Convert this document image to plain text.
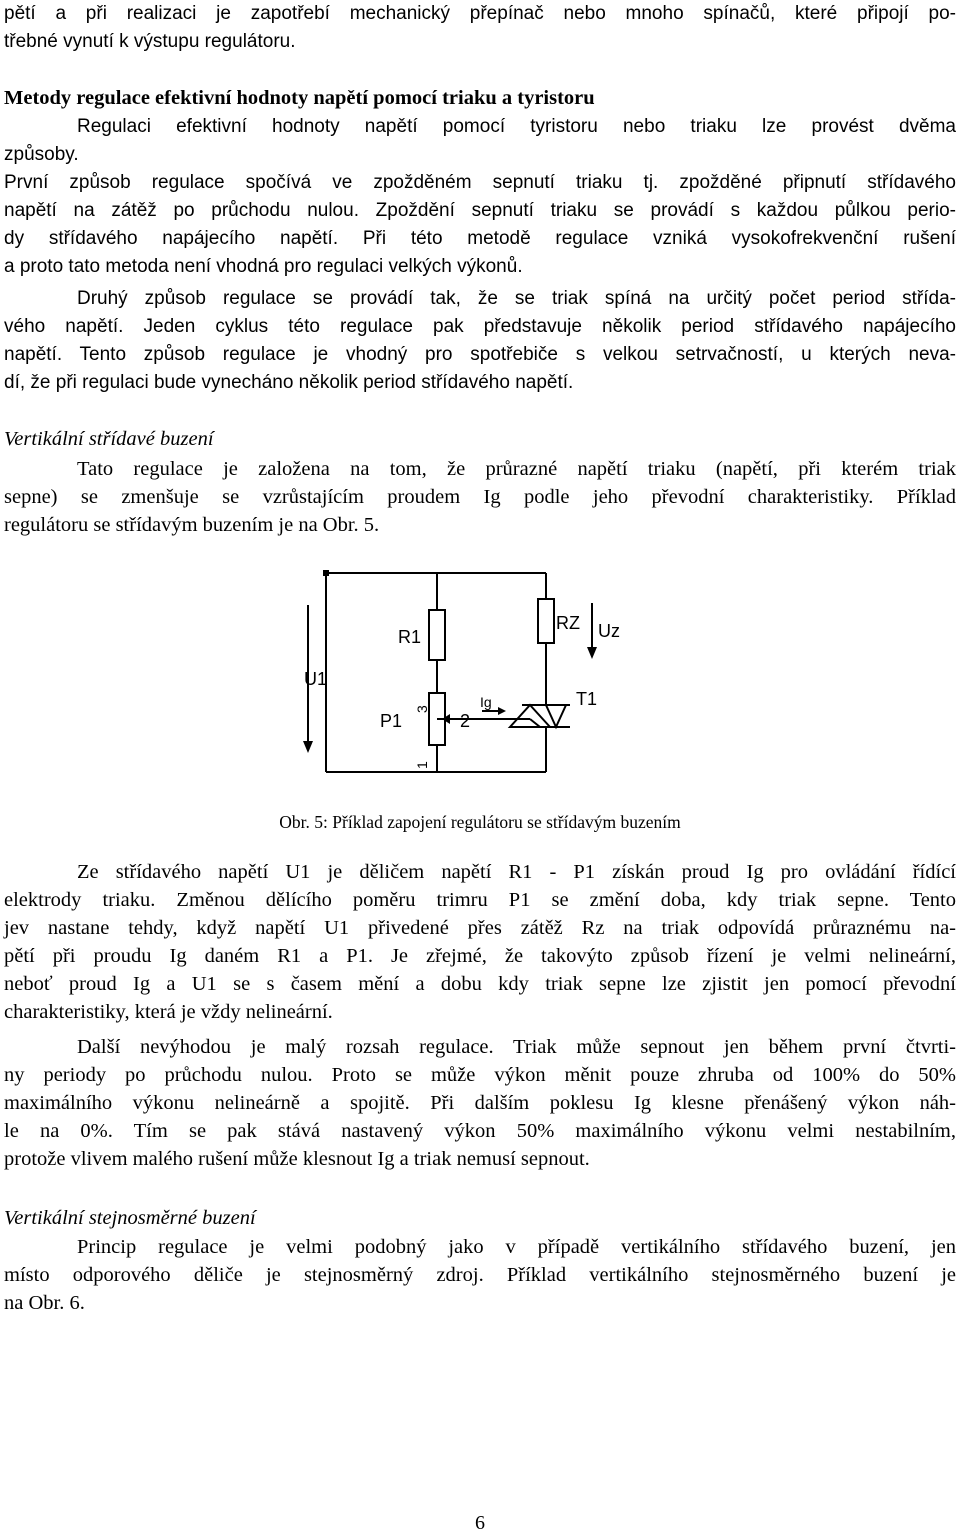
pětí a při realizaci je zapotřebí mechanický přepínač nebo mnoho spínačů, které připojí po-
třebné vynutí k výstupu regulátoru.
Metody regulace efektivní hodnoty napětí pomocí triaku a tyristoru
Regulaci efektivní hodnoty napětí pomocí tyristoru nebo triaku lze provést dvěma
způsoby.
První způsob regulace spočívá ve zpožděném sepnutí triaku tj. zpožděné připnutí střídavého
napětí na zátěž po průchodu nulou. Zpoždění sepnutí triaku se provádí s každou půlkou perio-
dy střídavého napájecího napětí. Při této metodě regulace vzniká vysokofrekvenční rušení
a proto tato metoda není vhodná pro regulaci velkých výkonů.
Druhý způsob regulace se provádí tak, že se triak spíná na určitý počet period střída-
vého napětí. Jeden cyklus této regulace pak představuje několik period střídavého napájecího
napětí. Tento způsob regulace je vhodný pro spotřebiče s velkou setrvačností, u kterých neva-
dí, že při regulaci bude vynecháno několik period střídavého napětí.
Vertikální střídavé buzení
Tato regulace je založena na tom, že průrazné napětí triaku (napětí, při kterém triak
sepne) se zmenšuje se vzrůstajícím proudem Ig podle jeho převodní charakteristiky. Příklad
regulátoru se střídavým buzením je na Obr. 5.
R1
RZ Uz
U1
T1
P1	2
Ig
3
1
Obr. 5: Příklad zapojení regulátoru se střídavým buzením
Ze střídavého napětí U1 je děličem napětí R1 - P1 získán proud Ig pro ovládání řídící
elektrody triaku. Změnou dělícího poměru trimru P1 se změní doba, kdy triak sepne. Tento
jev nastane tehdy, když napětí U1 přivedené přes zátěž Rz na triak odpovídá průraznému na-
pětí při proudu Ig daném R1 a P1. Je zřejmé, že takovýto způsob řízení je velmi nelineární,
neboť proud Ig a U1 se s časem mění a dobu kdy triak sepne lze zjistit jen pomocí převodní
charakteristiky, která je vždy nelineární.
Další nevýhodou je malý rozsah regulace. Triak může sepnout jen během první čtvrti-
ny periody po průchodu nulou. Proto se může výkon měnit pouze zhruba od 100% do 50%
maximálního výkonu nelineárně a spojitě. Při dalším poklesu Ig klesne přenášený výkon náh-
le na 0%. Tím se pak stává nastavený výkon 50% maximálního výkonu velmi nestabilním,
protože vlivem malého rušení může klesnout Ig a triak nemusí sepnout.
Vertikální stejnosměrné buzení
Princip regulace je velmi podobný jako v případě vertikálního střídavého buzení, jen
místo odporového děliče je stejnosměrný zdroj. Příklad vertikálního stejnosměrného buzení je
na Obr. 6.
6
